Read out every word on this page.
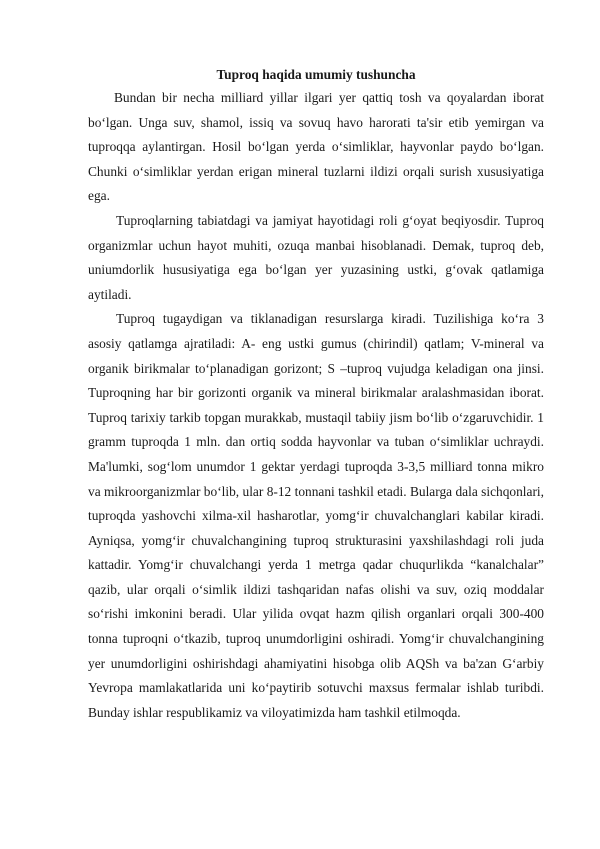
Tuproq haqida umumiy tushuncha

Bundan bir necha milliard yillar ilgari yer qattiq tosh va qoyalardan iborat bo‘lgan. Unga suv, shamol, issiq va sovuq havo harorati ta'sir etib yemirgan va tuproqqa aylantirgan. Hosil bo‘lgan yerda o‘simliklar, hayvonlar paydo bo‘lgan. Chunki o‘simliklar yerdan erigan mineral tuzlarni ildizi orqali surish xususiyatiga ega.

Tuproqlarning tabiatdagi va jamiyat hayotidagi roli g‘oyat beqiyosdir. Tuproq organizmlar uchun hayot muhiti, ozuqa manbai hisoblanadi. Demak, tuproq deb, uniumdorlik hususiyatiga ega bo‘lgan yer yuzasining ustki, g‘ovak qatlamiga aytiladi.

Tuproq tugaydigan va tiklanadigan resurslarga kiradi. Tuzilishiga ko‘ra 3 asosiy qatlamga ajratiladi: A- eng ustki gumus (chirindil) qatlam; V-mineral va organik birikmalar to‘planadigan gorizont; S –tuproq vujudga keladigan ona jinsi. Tuproqning har bir gorizonti organik va mineral birikmalar aralashmasidan iborat. Tuproq tarixiy tarkib topgan murakkab, mustaqil tabiiy jism bo‘lib o‘zgaruvchidir. 1 gramm tuproqda 1 mln. dan ortiq sodda hayvonlar va tuban o‘simliklar uchraydi. Ma'lumki, sog‘lom unumdor 1 gektar yerdagi tuproqda 3-3,5 milliard tonna mikro va mikroorganizmlar bo‘lib, ular 8-12 tonnani tashkil etadi. Bularga dala sichqonlari, tuproqda yashovchi xilma-xil hasharotlar, yomg‘ir chuvalchanglari kabilar kiradi. Ayniqsa, yomg‘ir chuvalchangining tuproq strukturasini yaxshilashdagi roli juda kattadir. Yomg‘ir chuvalchangi yerda 1 metrga qadar chuqurlikda “kanalchalar” qazib, ular orqali o‘simlik ildizi tashqaridan nafas olishi va suv, oziq moddalar so‘rishi imkonini beradi. Ular yilida ovqat hazm qilish organlari orqali 300-400 tonna tuproqni o‘tkazib, tuproq unumdorligini oshiradi. Yomg‘ir chuvalchangining yer unumdorligini oshirishdagi ahamiyatini hisobga olib AQSh va ba'zan G‘arbiy Yevropa mamlakatlarida uni ko‘paytirib sotuvchi maxsus fermalar ishlab turibdi. Bunday ishlar respublikamiz va viloyatimizda ham tashkil etilmoqda.
